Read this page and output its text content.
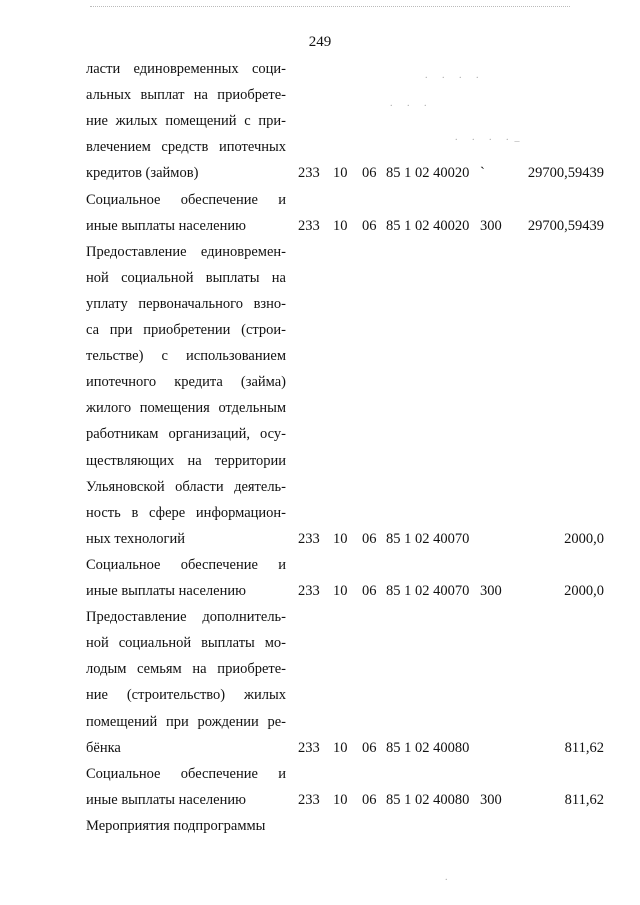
249
ласти единовременных соци-
альных выплат на приобрете-
ние жилых помещений с при-
влечением средств ипотечных
кредитов (займов)	233 10 06 85 1 02 40020 `	29700,59439
Социальное обеспечение и
иные выплаты населению	233 10 06 85 1 02 40020 300	29700,59439
Предоставление единовремен-
ной социальной выплаты на
уплату первоначального взно-
са при приобретении (строи-
тельстве) с использованием
ипотечного кредита (займа)
жилого помещения отдельным
работникам организаций, осу-
ществляющих на территории
Ульяновской области деятель-
ность в сфере информацион-
ных технологий	233 10 06 85 1 02 40070	2000,0
Социальное обеспечение и
иные выплаты населению	233 10 06 85 1 02 40070 300	2000,0
Предоставление дополнитель-
ной социальной выплаты мо-
лодым семьям на приобрете-
ние (строительство) жилых
помещений при рождении ре-
бёнка	233 10 06 85 1 02 40080	811,62
Социальное обеспечение и
иные выплаты населению	233 10 06 85 1 02 40080 300	811,62
Мероприятия подпрограммы
. . . .
. . .
. . . ._
.
